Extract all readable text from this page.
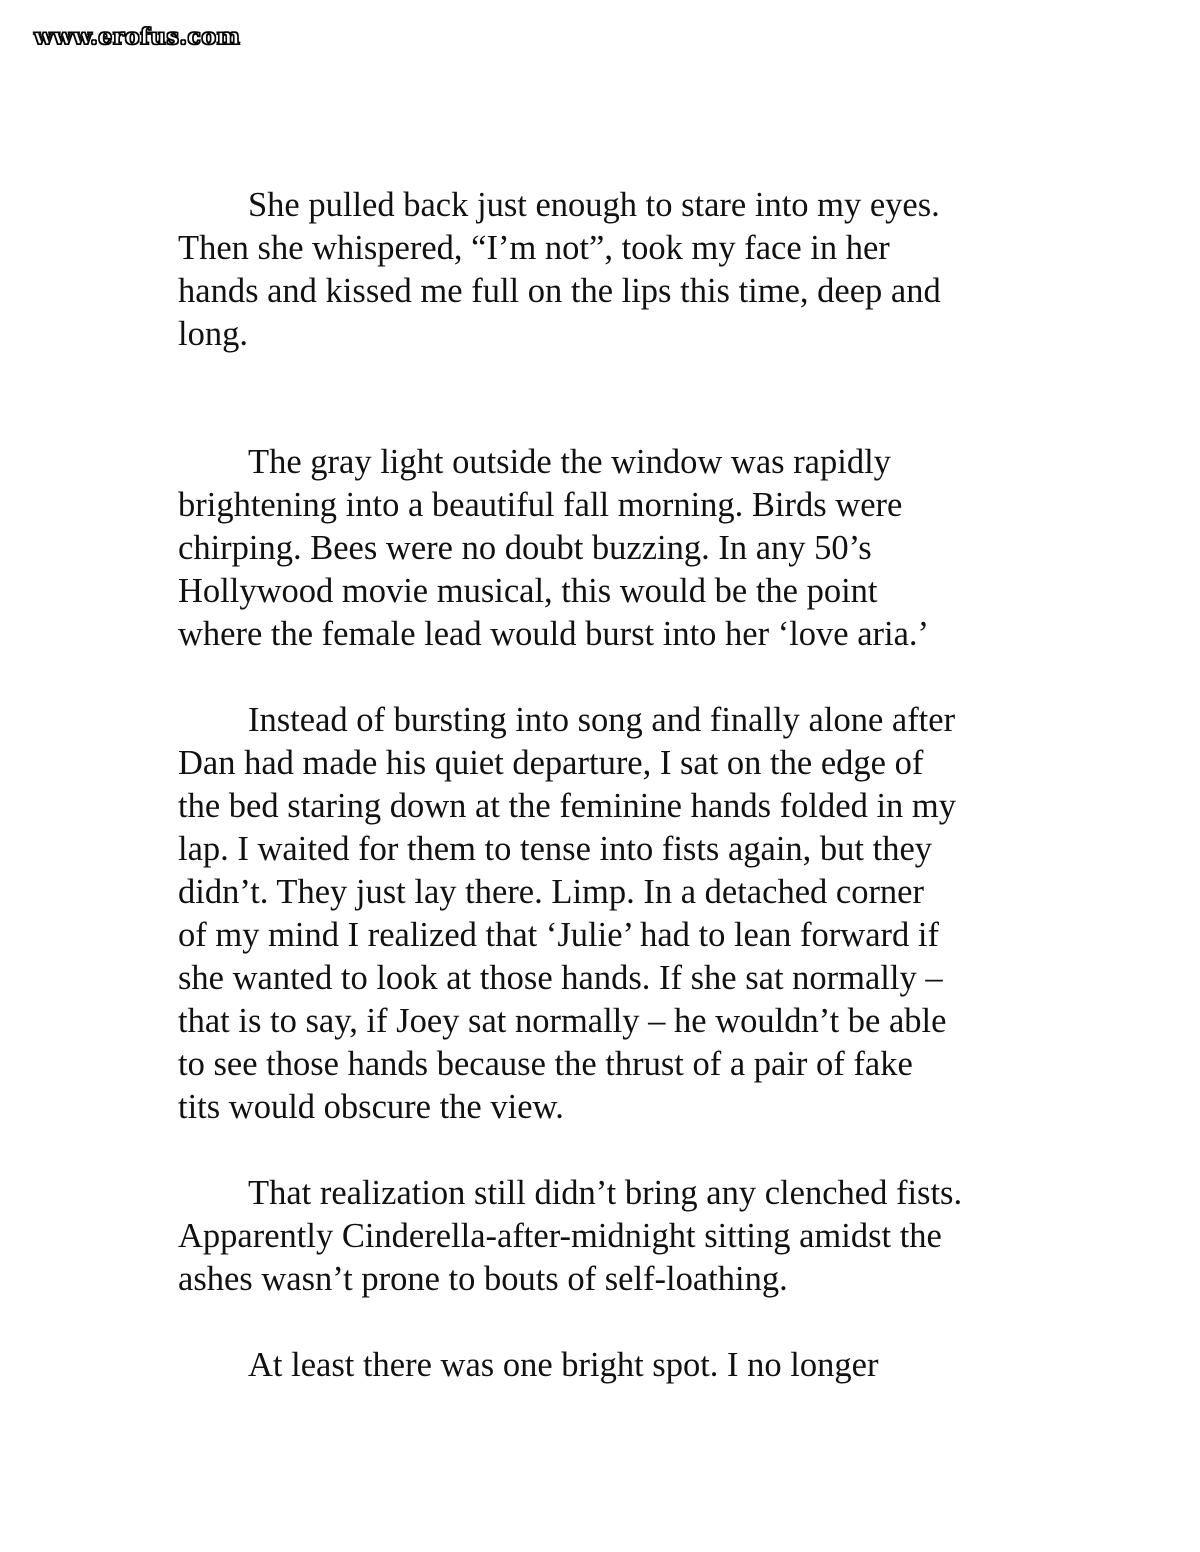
www.erofus.com
She pulled back just enough to stare into my eyes.
Then she whispered, “I’m not”, took my face in her
hands and kissed me full on the lips this time, deep and
long.
The gray light outside the window was rapidly
brightening into a beautiful fall morning. Birds were
chirping. Bees were no doubt buzzing. In any 50’s
Hollywood movie musical, this would be the point
where the female lead would burst into her ‘love aria.’
Instead of bursting into song and finally alone after
Dan had made his quiet departure, I sat on the edge of
the bed staring down at the feminine hands folded in my
lap. I waited for them to tense into fists again, but they
didn’t. They just lay there. Limp. In a detached corner
of my mind I realized that ‘Julie’ had to lean forward if
she wanted to look at those hands. If she sat normally –
that is to say, if Joey sat normally – he wouldn’t be able
to see those hands because the thrust of a pair of fake
tits would obscure the view.
That realization still didn’t bring any clenched fists.
Apparently Cinderella-after-midnight sitting amidst the
ashes wasn’t prone to bouts of self-loathing.
At least there was one bright spot. I no longer
